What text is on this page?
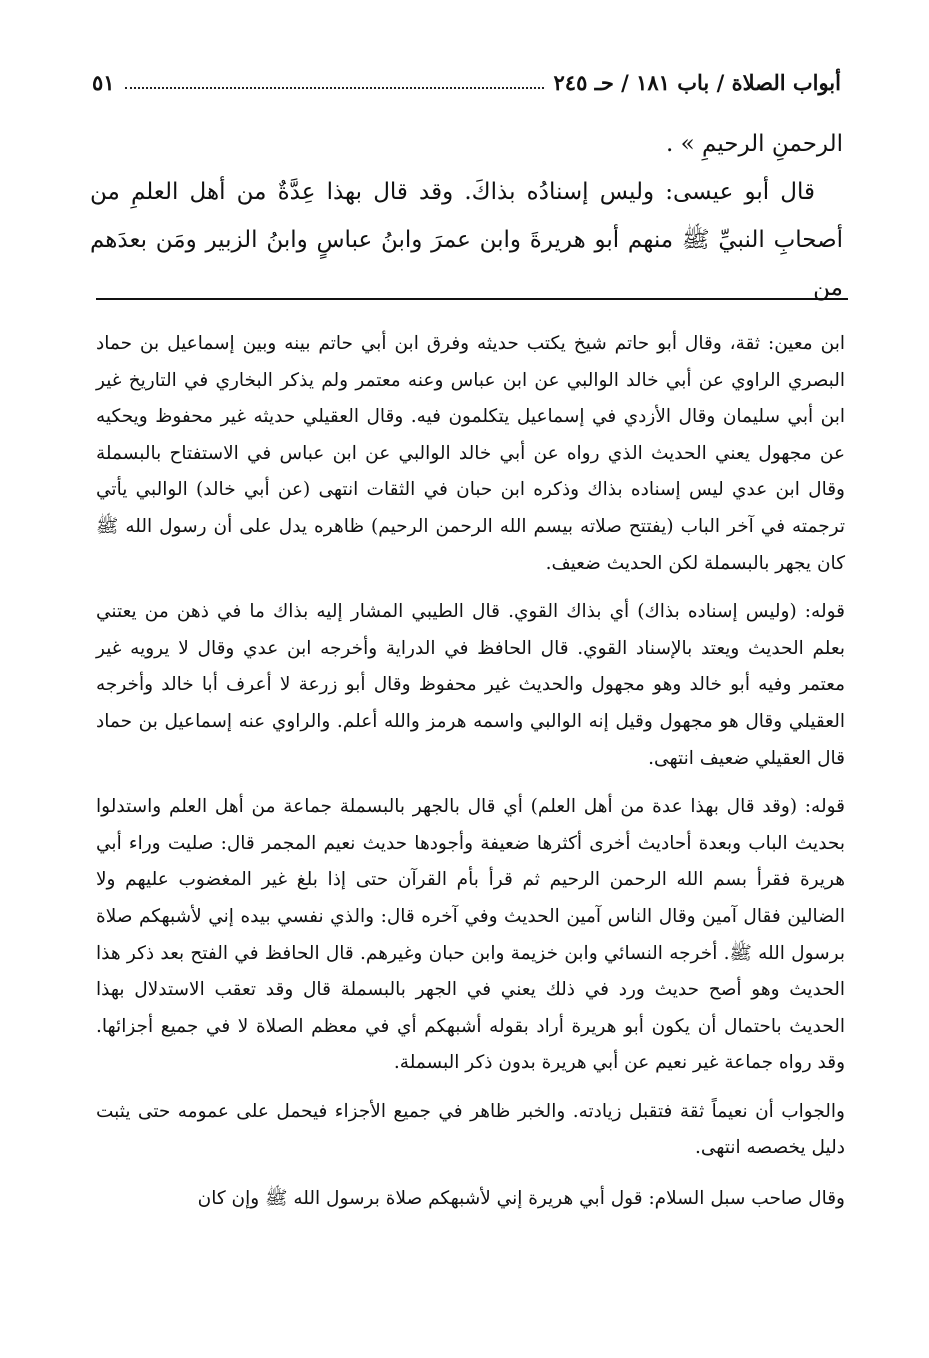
أبواب الصلاة / باب ١٨١ / حـ ٢٤٥
٥١

الرحمنِ الرحيمِ » .

قال أبو عيسى: وليس إسنادُه بذاكَ. وقد قال بهذا عِدَّةٌ من أهل العلمِ من أصحابِ النبيِّ ﷺ منهم أبو هريرةَ وابن عمرَ وابنُ عباسٍ وابنُ الزبير ومَن بعدَهم من

ابن معين: ثقة، وقال أبو حاتم شيخ يكتب حديثه وفرق ابن أبي حاتم بينه وبين إسماعيل بن حماد البصري الراوي عن أبي خالد الوالبي عن ابن عباس وعنه معتمر ولم يذكر البخاري في التاريخ غير ابن أبي سليمان وقال الأزدي في إسماعيل يتكلمون فيه. وقال العقيلي حديثه غير محفوظ ويحكيه عن مجهول يعني الحديث الذي رواه عن أبي خالد الوالبي عن ابن عباس في الاستفتاح بالبسملة وقال ابن عدي ليس إسناده بذاك وذكره ابن حبان في الثقات انتهى (عن أبي خالد) الوالبي يأتي ترجمته في آخر الباب (يفتتح صلاته بيسم الله الرحمن الرحيم) ظاهره يدل على أن رسول الله ﷺ كان يجهر بالبسملة لكن الحديث ضعيف.

قوله: (وليس إسناده بذاك) أي بذاك القوي. قال الطيبي المشار إليه بذاك ما في ذهن من يعتني بعلم الحديث ويعتد بالإسناد القوي. قال الحافظ في الدراية وأخرجه ابن عدي وقال لا يرويه غير معتمر وفيه أبو خالد وهو مجهول والحديث غير محفوظ وقال أبو زرعة لا أعرف أبا خالد وأخرجه العقيلي وقال هو مجهول وقيل إنه الوالبي واسمه هرمز والله أعلم. والراوي عنه إسماعيل بن حماد قال العقيلي ضعيف انتهى.

قوله: (وقد قال بهذا عدة من أهل العلم) أي قال بالجهر بالبسملة جماعة من أهل العلم واستدلوا بحديث الباب وبعدة أحاديث أخرى أكثرها ضعيفة وأجودها حديث نعيم المجمر قال: صليت وراء أبي هريرة فقرأ بسم الله الرحمن الرحيم ثم قرأ بأم القرآن حتى إذا بلغ غير المغضوب عليهم ولا الضالين فقال آمين وقال الناس آمين الحديث وفي آخره قال: والذي نفسي بيده إني لأشبهكم صلاة برسول الله ﷺ. أخرجه النسائي وابن خزيمة وابن حبان وغيرهم. قال الحافظ في الفتح بعد ذكر هذا الحديث وهو أصح حديث ورد في ذلك يعني في الجهر بالبسملة قال وقد تعقب الاستدلال بهذا الحديث باحتمال أن يكون أبو هريرة أراد بقوله أشبهكم أي في معظم الصلاة لا في جميع أجزائها. وقد رواه جماعة غير نعيم عن أبي هريرة بدون ذكر البسملة.

والجواب أن نعيماً ثقة فتقبل زيادته. والخبر ظاهر في جميع الأجزاء فيحمل على عمومه حتى يثبت دليل يخصصه انتهى.

وقال صاحب سبل السلام: قول أبي هريرة إني لأشبهكم صلاة برسول الله ﷺ وإن كان
